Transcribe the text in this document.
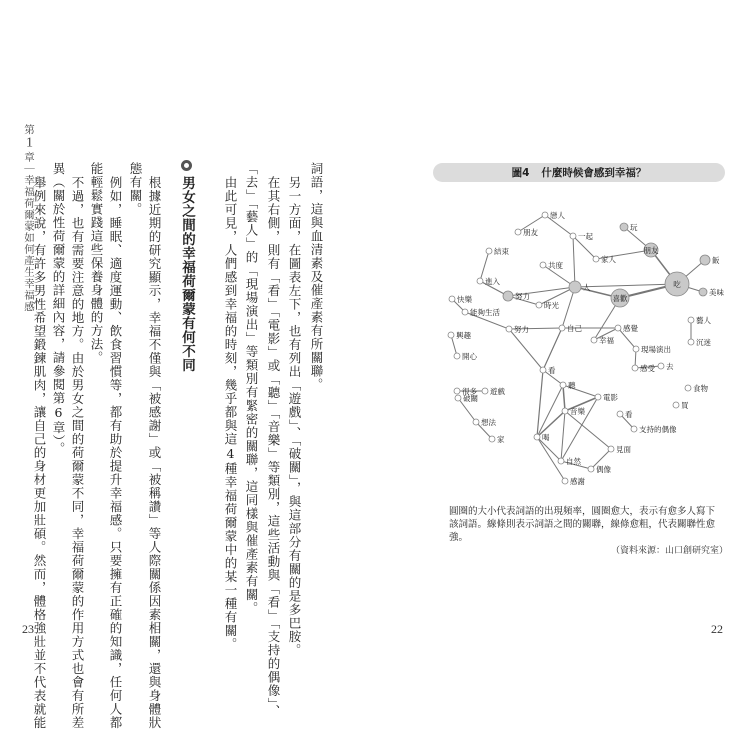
第1章｜幸福荷爾蒙如何產生幸福感	詞語，這與血清素及催產素有所關聯。
另一方面，在圖表左下，也有列出「遊戲」、「破關」，與這部分有關的是多巴胺。
在其右側，則有「看」「電影」或「聽」「音樂」等類別，這些活動與「看」「支持的偶像」、
「去」「藝人」的「現場演出」等類別有緊密的關聯，這同樣與催產素有關。
由此可見，人們感到幸福的時刻，幾乎都與這4種幸福荷爾蒙中的某一種有關。
男女之間的幸福荷爾蒙有何不同
根據近期的研究顯示，幸福不僅與「被感謝」或「被稱讚」等人際關係因素相關，還與身體狀
態有關。
例如，睡眠、適度運動、飲食習慣等，都有助於提升幸福感。只要擁有正確的知識，任何人都
能輕鬆實踐這些保養身體的方法。
不過，也有需要注意的地方。由於男女之間的荷爾蒙不同，幸福荷爾蒙的作用方式也會有所差
異（關於性荷爾蒙的詳細內容，請參閱第6章）。
舉例來說，有許多男性希望鍛鍊肌肉，讓自己的身材更加壯碩。然而，體格強壯並不代表就能
23	22
圖4 什麼時候會感到幸福？
戀人
朋友	一起
玩
家人
朋友
吃
飯
美味
結束
共度
人
喜歡
進入
努力
時光
快樂
能夠生活
自己	感覺
幸福
努力
現場演出
感受 去
藝人
沉迷
興趣
開心
很多 遊戲
聽	食物
音樂
看
電影
破關
想法
家	喝
看
支持的偶像
自然
偶像
見面
買
感謝
圓圈的大小代表詞語的出現頻率，圓圈愈大，表示有愈多人寫下該詞語。線條則表示詞語之間的關聯，線條愈粗，代表關聯性愈強。
（資料來源：山口創研究室）
